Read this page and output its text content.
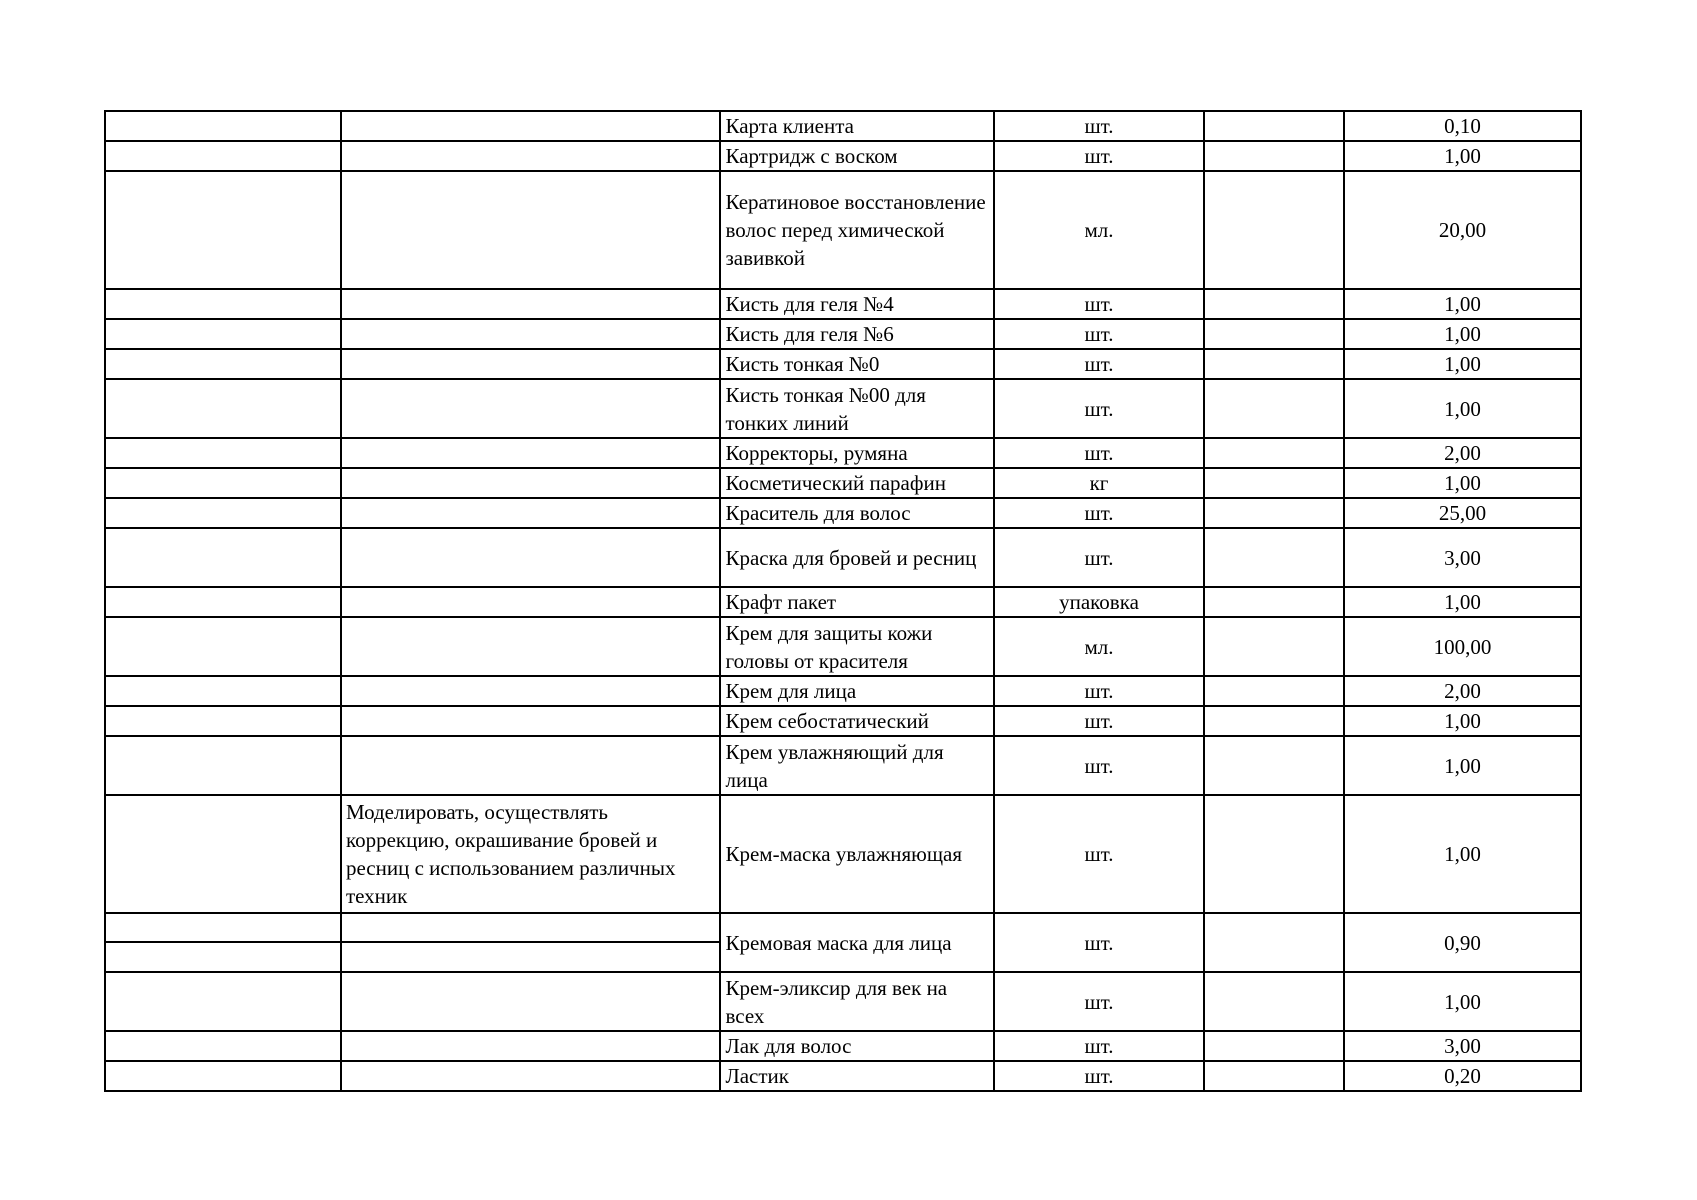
		Карта клиента	шт.		0,10
		Картридж с воском	шт.		1,00
		Кератиновое восстановление волос перед химической завивкой	мл.		20,00
		Кисть для геля №4	шт.		1,00
		Кисть для геля №6	шт.		1,00
		Кисть тонкая №0	шт.		1,00
		Кисть тонкая №00 для тонких линий	шт.		1,00
		Корректоры, румяна	шт.		2,00
		Косметический парафин	кг		1,00
		Краситель для волос	шт.		25,00
		Краска для бровей и ресниц	шт.		3,00
		Крафт пакет	упаковка		1,00
		Крем для защиты кожи головы от красителя	мл.		100,00
		Крем для лица	шт.		2,00
		Крем себостатический	шт.		1,00
		Крем увлажняющий для лица	шт.		1,00
	Моделировать, осуществлять коррекцию, окрашивание бровей и ресниц с использованием различных техник	Крем-маска увлажняющая	шт.		1,00
		Кремовая маска для лица	шт.		0,90

		Крем-эликсир для век на всех	шт.		1,00
		Лак для волос	шт.		3,00
		Ластик	шт.		0,20
